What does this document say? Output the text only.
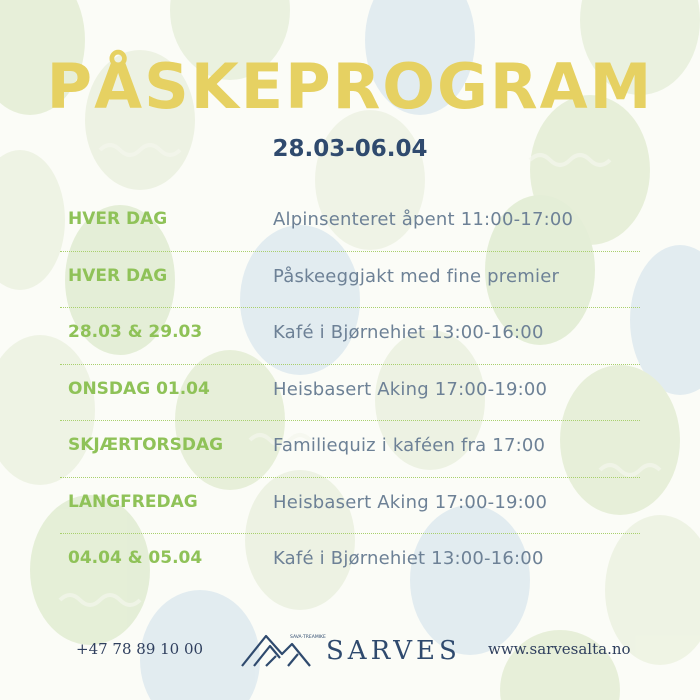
PÅSKEPROGRAM
28.03-06.04
HVER DAG	Alpinsenteret åpent 11:00-17:00
HVER DAG	Påskeeggjakt med fine premier
28.03 & 29.03	Kafé i Bjørnehiet 13:00-16:00
ONSDAG 01.04	Heisbasert Aking 17:00-19:00
SKJÆRTORSDAG	Familiequiz i kaféen fra 17:00
LANGFREDAG	Heisbasert Aking 17:00-19:00
04.04 & 05.04	Kafé i Bjørnehiet 13:00-16:00
+47 78 89 10 00
SAVA·TREAMIKE SARVES www.sarvesalta.no
